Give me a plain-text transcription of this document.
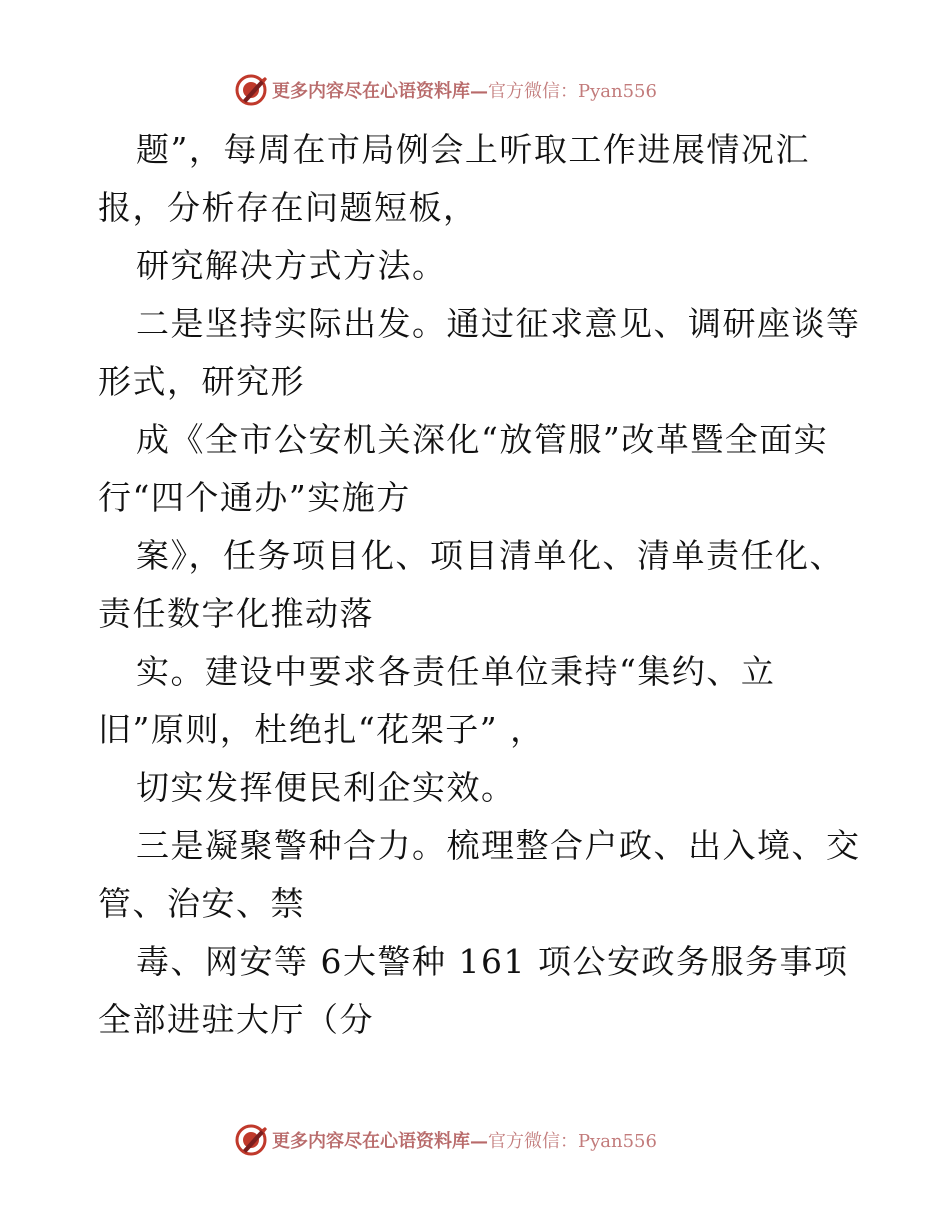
更多内容尽在心语资料库—官方微信：Pyan556
题”，每周在市局例会上听取工作进展情况汇
报，分析存在问题短板，
研究解决方式方法。
二是坚持实际出发。通过征求意见、调研座谈等
形式，研究形
成《全市公安机关深化“放管服”改革暨全面实
行“四个通办”实施方
案》，任务项目化、项目清单化、清单责任化、
责任数字化推动落
实。建设中要求各责任单位秉持“集约、立
旧”原则，杜绝扎“花架子” ，
切实发挥便民利企实效。
三是凝聚警种合力。梳理整合户政、出入境、交
管、治安、禁
毒、网安等 6大警种 161 项公安政务服务事项
全部进驻大厅（分
更多内容尽在心语资料库—官方微信：Pyan556
